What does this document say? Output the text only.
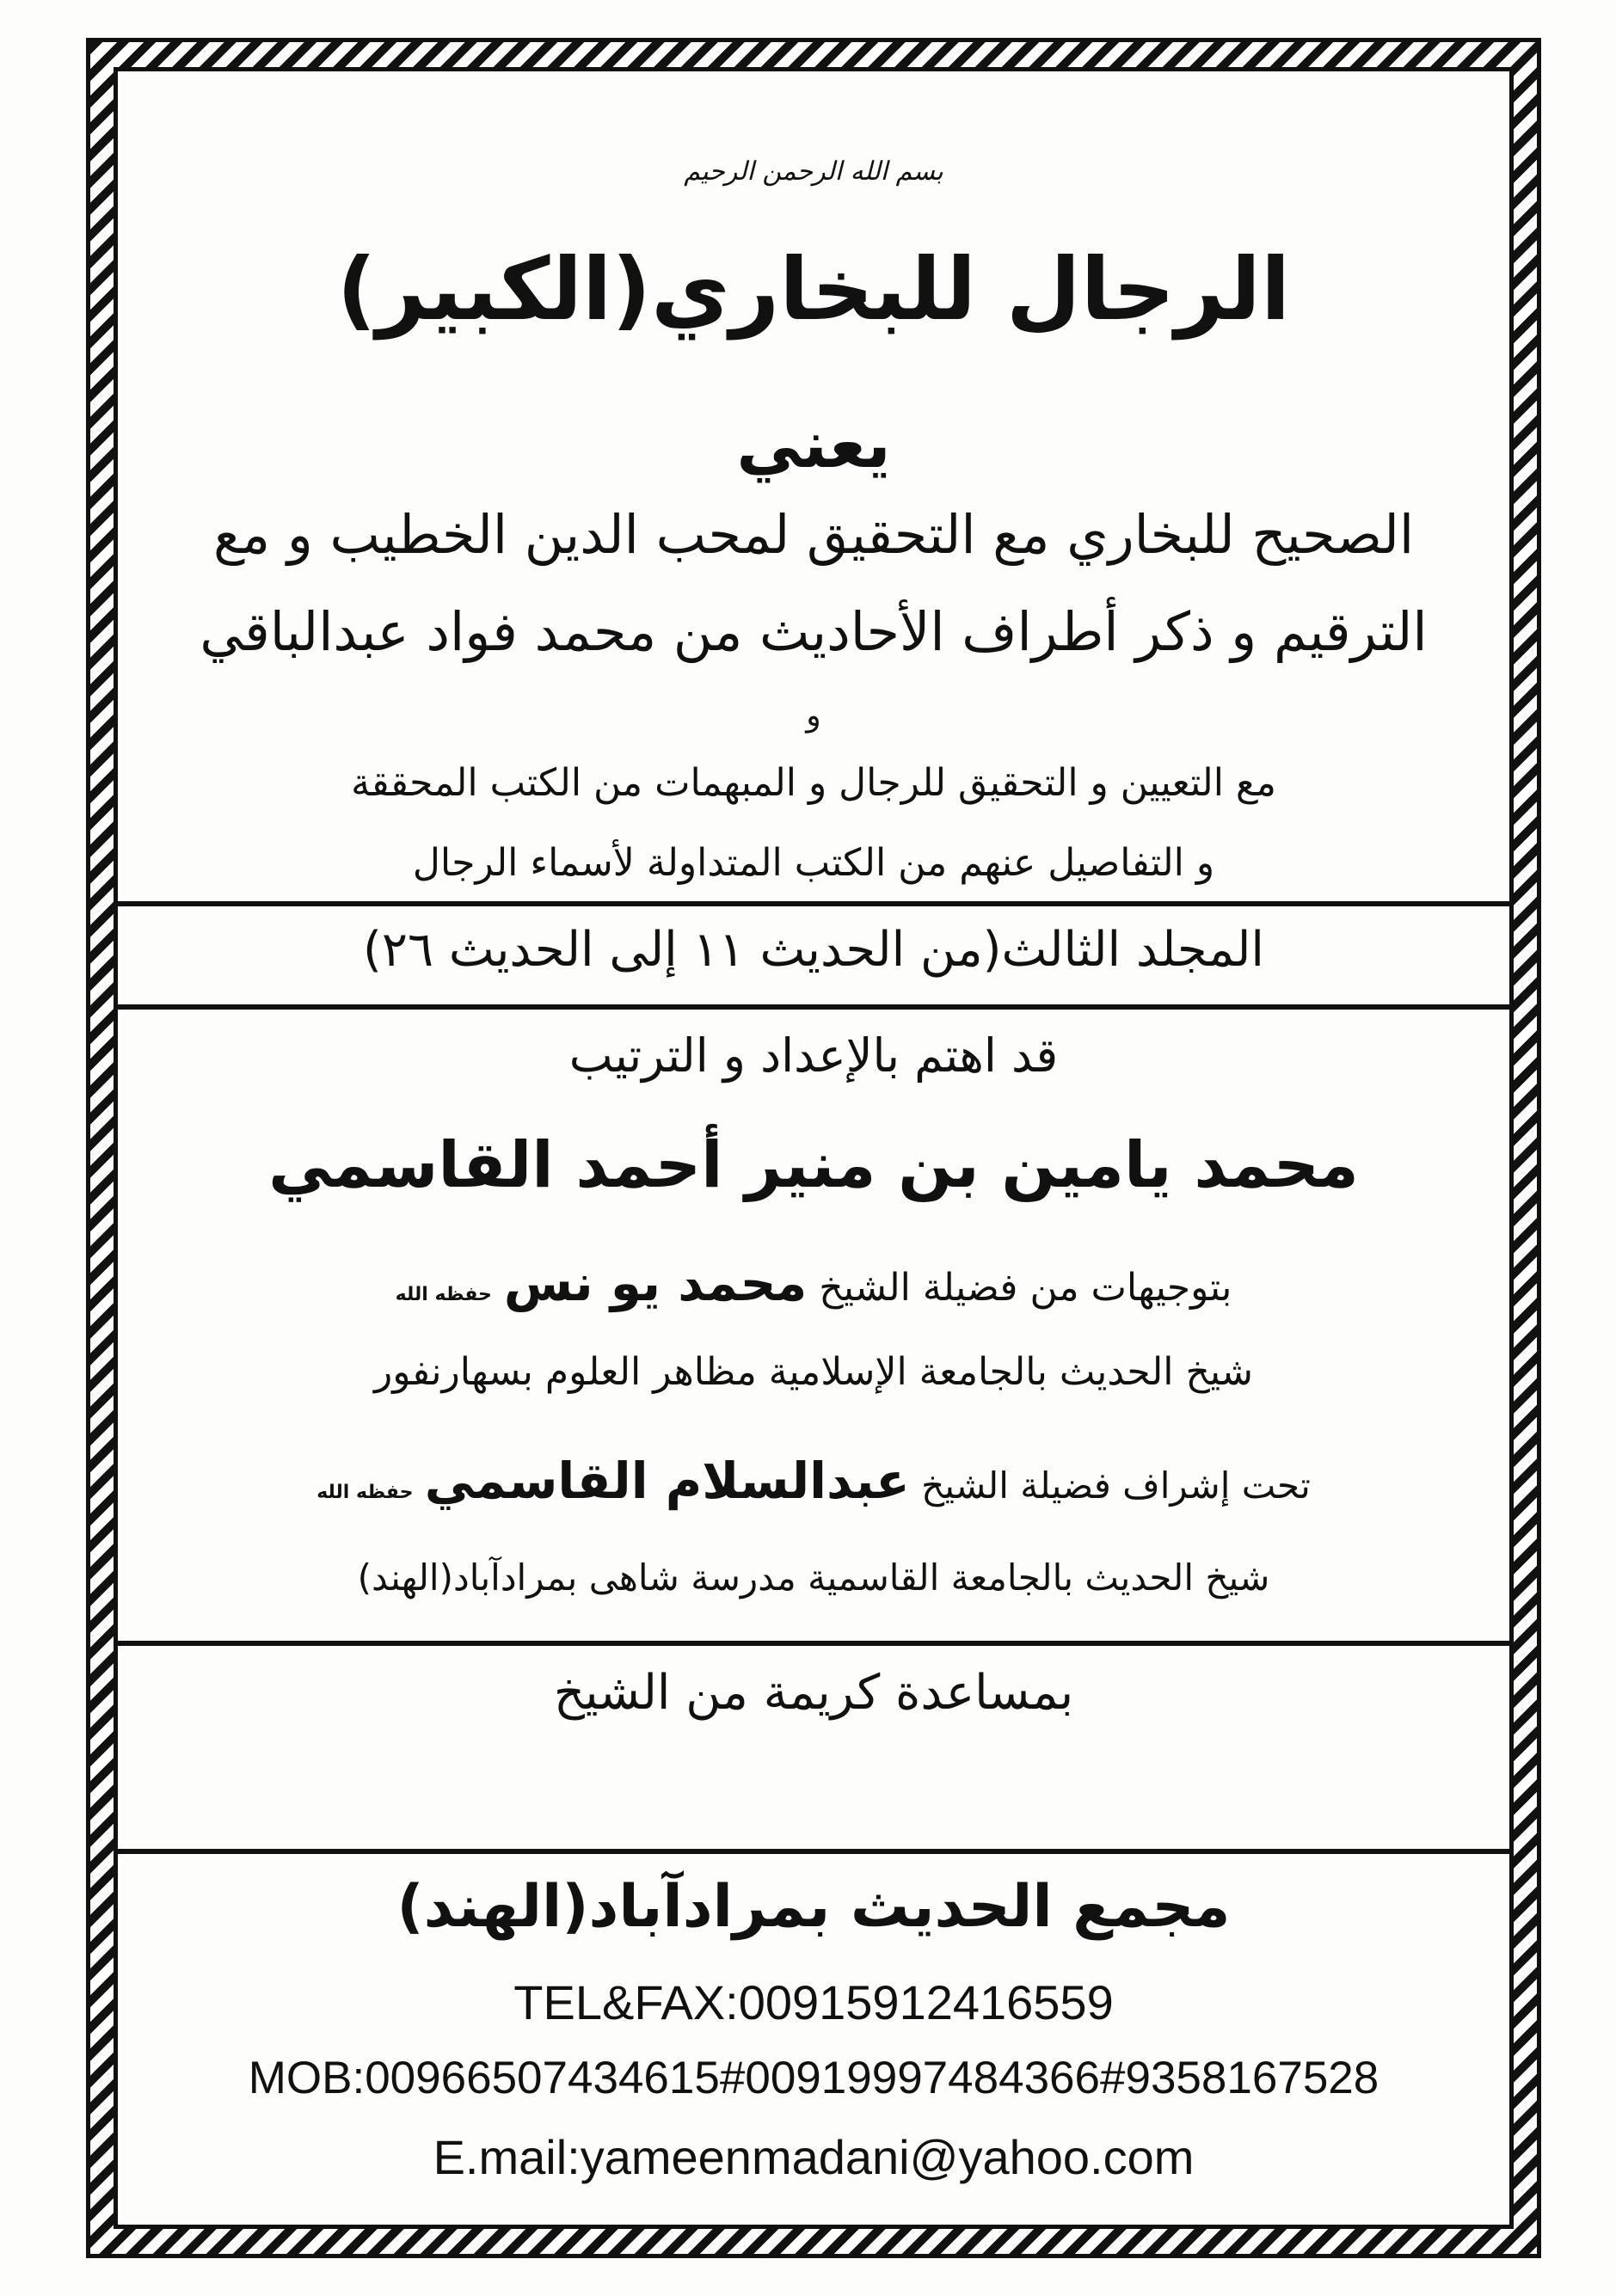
بسم الله الرحمن الرحيم
الرجال للبخاري(الكبير)
يعني
الصحيح للبخاري مع التحقيق لمحب الدين الخطيب و مع
الترقيم و ذكر أطراف الأحاديث من محمد فواد عبدالباقي
و
مع التعيين و التحقيق للرجال و المبهمات من الكتب المحققة
و التفاصيل عنهم من الكتب المتداولة لأسماء الرجال
المجلد الثالث(من الحديث ١١ إلى الحديث ٢٦)
قد اهتم بالإعداد و الترتيب
محمد يامين بن منير أحمد القاسمي
بتوجيهات من فضيلة الشيخ محمد يو نس حفظه الله
شيخ الحديث بالجامعة الإسلامية مظاهر العلوم بسهارنفور
تحت إشراف فضيلة الشيخ عبدالسلام القاسمي حفظه الله
شيخ الحديث بالجامعة القاسمية مدرسة شاهى بمرادآباد(الهند)
بمساعدة كريمة من الشيخ
مجمع الحديث بمرادآباد(الهند)
TEL&FAX:00915912416559
MOB:00966507434615#00919997484366#9358167528
E.mail:yameenmadani@yahoo.com
